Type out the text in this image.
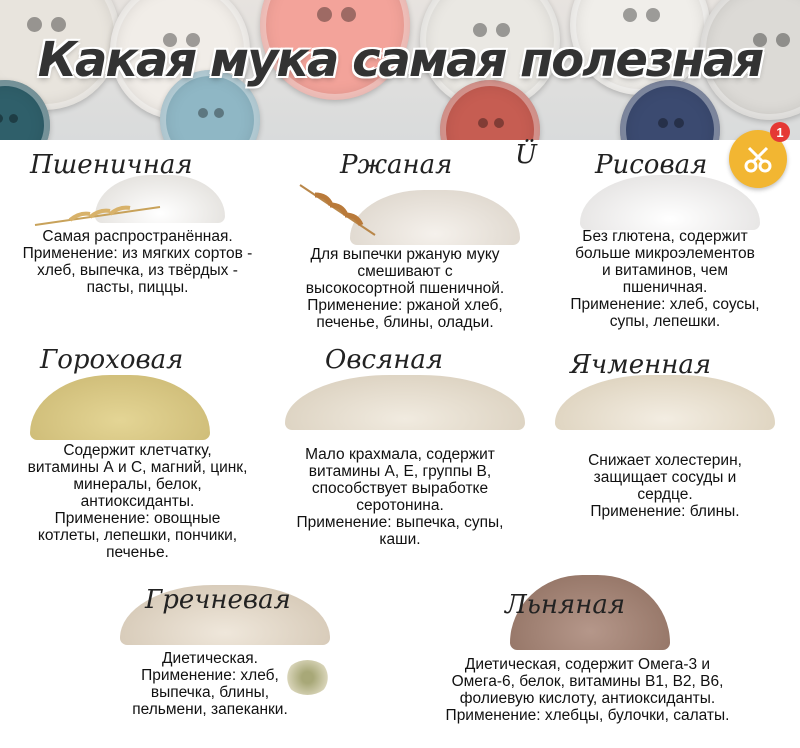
Какая мука самая полезная
1
Ü
Пшеничная
Самая распространённая.
Применение: из мягких сортов -
хлеб, выпечка, из твёрдых -
пасты, пиццы.
Ржаная
Для выпечки ржаную муку
смешивают с
высокосортной пшеничной.
Применение: ржаной хлеб,
печенье, блины, оладьи.
Рисовая
Без глютена, содержит
больше микроэлементов
и витаминов, чем
пшеничная.
Применение: хлеб, соусы,
супы, лепешки.
Гороховая
Содержит клетчатку,
витамины А и С, магний, цинк,
минералы, белок,
антиоксиданты.
Применение: овощные
котлеты, лепешки, пончики,
печенье.
Овсяная
Мало крахмала, содержит
витамины А, Е, группы В,
способствует выработке
серотонина.
Применение: выпечка, супы,
каши.
Ячменная
Снижает холестерин,
защищает сосуды и
сердце.
Применение: блины.
Гречневая
Диетическая.
Применение: хлеб,
выпечка, блины,
пельмени, запеканки.
Льняная
Диетическая, содержит Омега-3 и
Омега-6, белок, витамины В1, В2, В6,
фолиевую кислоту, антиоксиданты.
Применение: хлебцы, булочки, салаты.
